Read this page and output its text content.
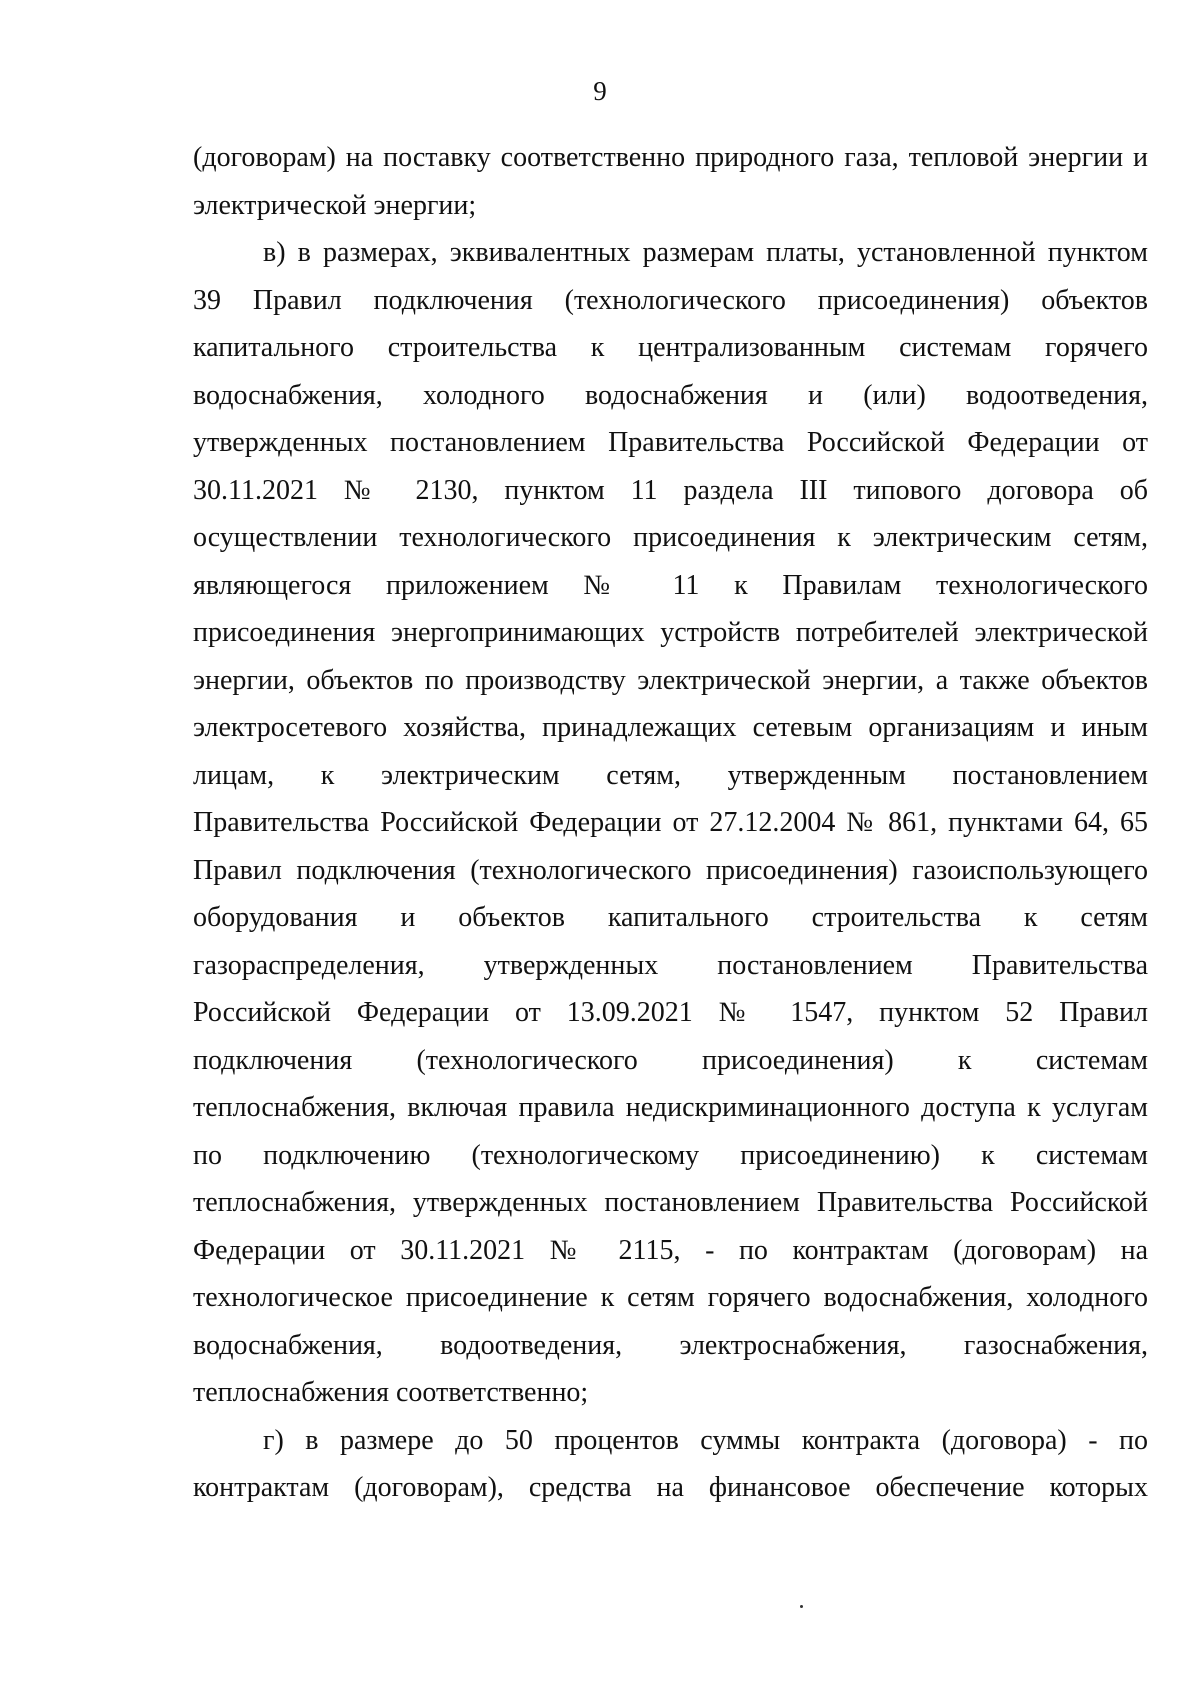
9

(договорам) на поставку соответственно природного газа, тепловой энергии и
электрической энергии;

в) в размерах, эквивалентных размерам платы, установленной пунктом
39 Правил подключения (технологического присоединения) объектов
капитального строительства к централизованным системам горячего
водоснабжения, холодного водоснабжения и (или) водоотведения,
утвержденных постановлением Правительства Российской Федерации от
30.11.2021 № 2130, пунктом 11 раздела III типового договора об
осуществлении технологического присоединения к электрическим сетям,
являющегося приложением № 11 к Правилам технологического
присоединения энергопринимающих устройств потребителей электрической
энергии, объектов по производству электрической энергии, а также объектов
электросетевого хозяйства, принадлежащих сетевым организациям и иным
лицам, к электрическим сетям, утвержденным постановлением
Правительства Российской Федерации от 27.12.2004 № 861, пунктами 64, 65
Правил подключения (технологического присоединения) газоиспользующего
оборудования и объектов капитального строительства к сетям
газораспределения, утвержденных постановлением Правительства
Российской Федерации от 13.09.2021 № 1547, пунктом 52 Правил
подключения (технологического присоединения) к системам
теплоснабжения, включая правила недискриминационного доступа к услугам
по подключению (технологическому присоединению) к системам
теплоснабжения, утвержденных постановлением Правительства Российской
Федерации от 30.11.2021 № 2115, - по контрактам (договорам) на
технологическое присоединение к сетям горячего водоснабжения, холодного
водоснабжения, водоотведения, электроснабжения, газоснабжения,
теплоснабжения соответственно;

г) в размере до 50 процентов суммы контракта (договора) - по
контрактам (договорам), средства на финансовое обеспечение которых
